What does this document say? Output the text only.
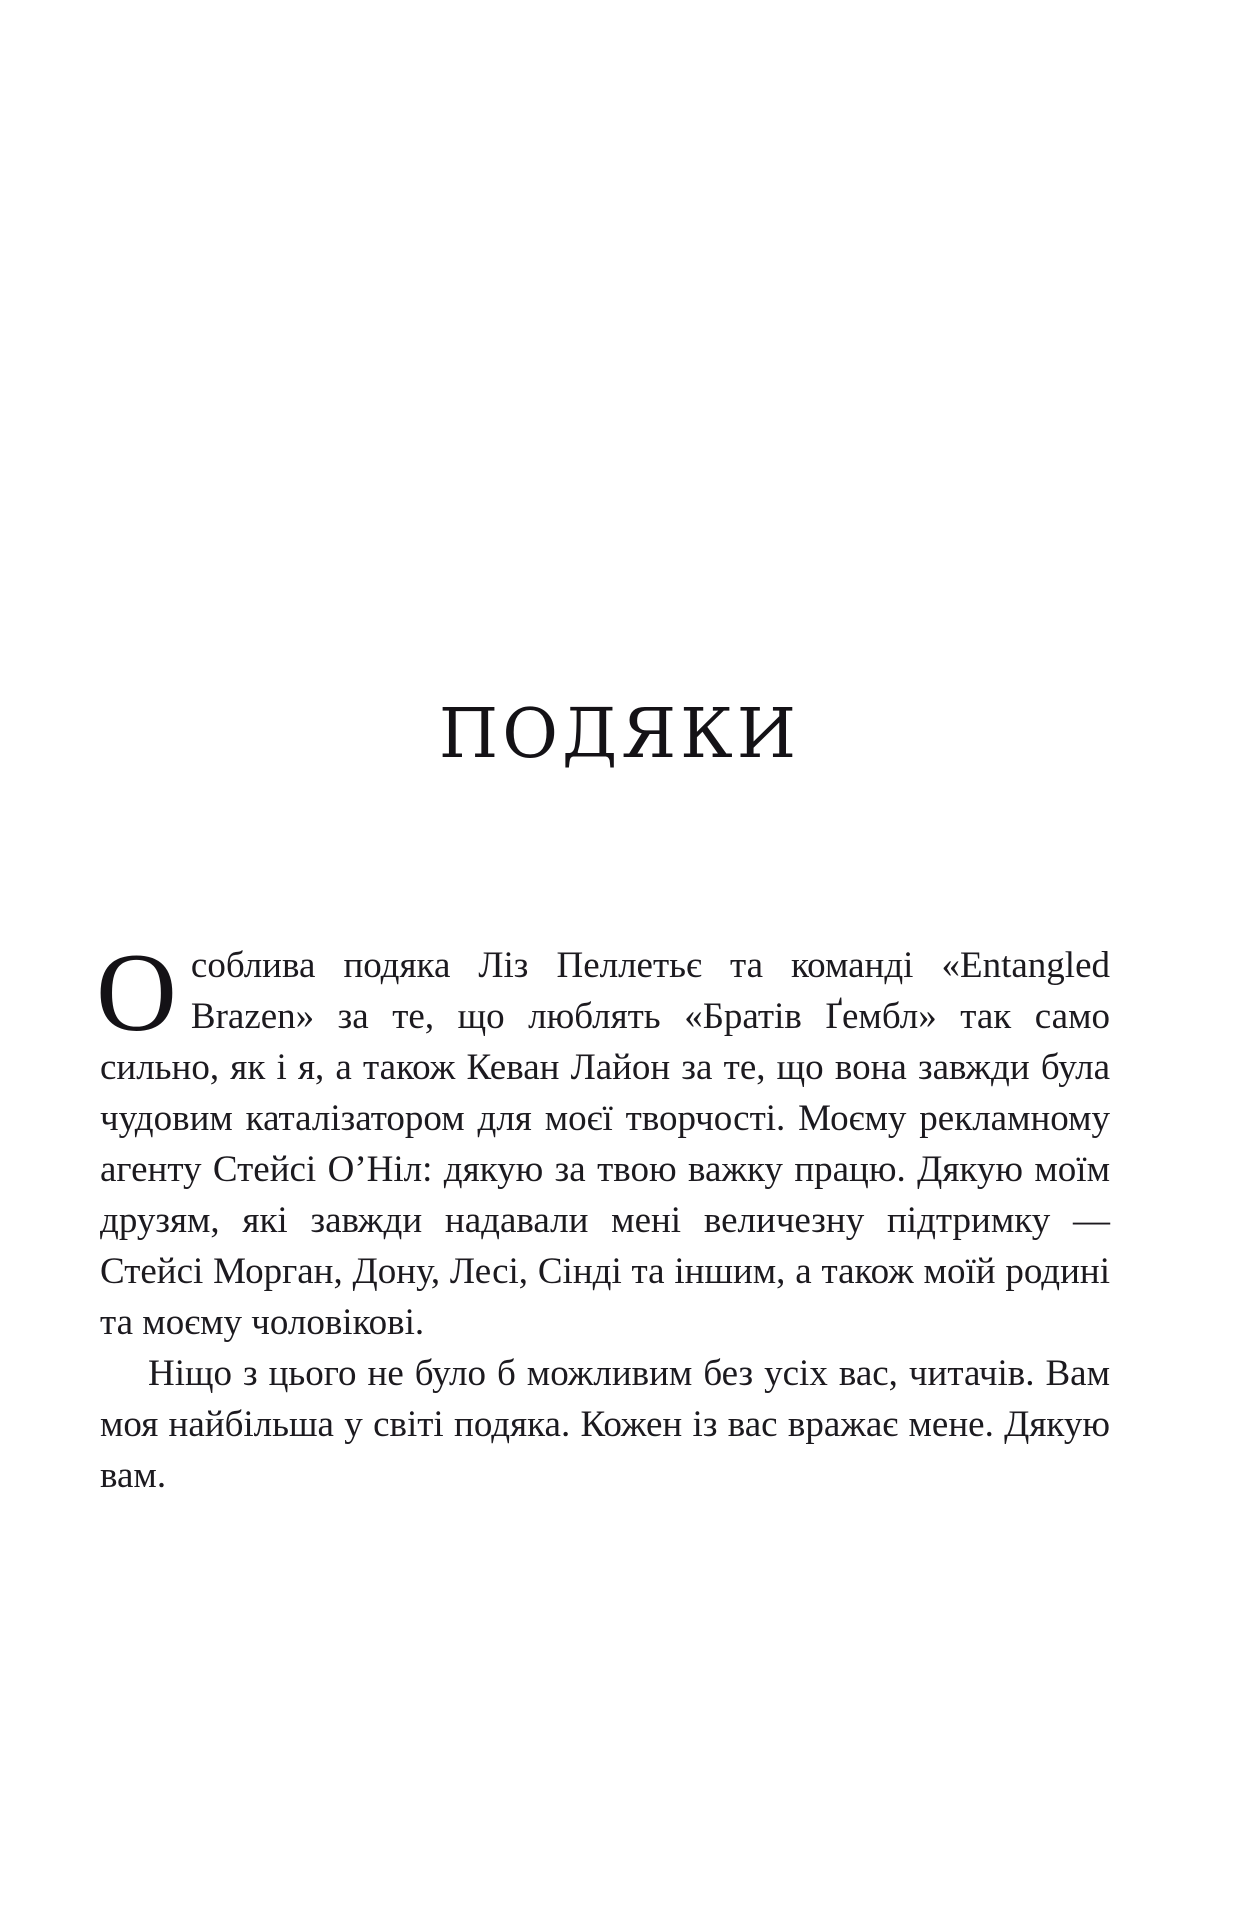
ПОДЯКИ

Особлива подяка Ліз Пеллетьє та команді «Entangled Brazen» за те, що люблять «Братів Ґембл» так само сильно, як і я, а також Кеван Лайон за те, що вона завжди була чудовим каталізатором для моєї творчості. Моєму рекламному агенту Стейсі О’Ніл: дякую за твою важку працю. Дякую моїм друзям, які завжди надавали мені величезну підтримку — Стейсі Морган, Дону, Лесі, Сінді та іншим, а також моїй родині та моєму чоловікові.

Ніщо з цього не було б можливим без усіх вас, читачів. Вам моя найбільша у світі подяка. Кожен із вас вражає мене. Дякую вам.
